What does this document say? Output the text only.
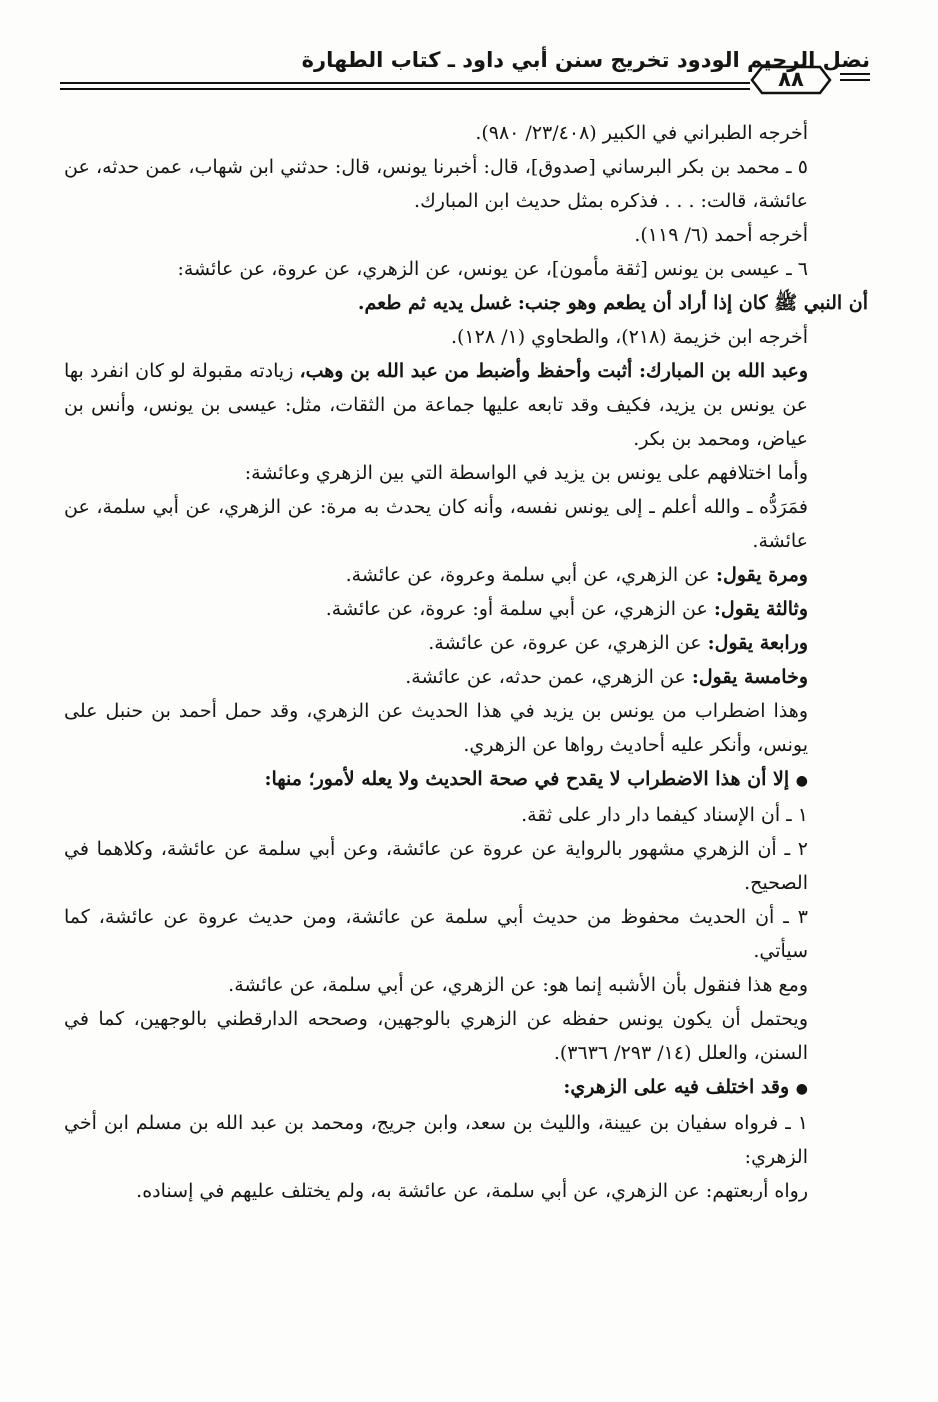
نضل الرحيم الودود تخريج سنن أبي داود ـ كتاب الطهارة
٨٨

أخرجه الطبراني في الكبير (٢٣/٤٠٨/ ٩٨٠).

٥ ـ محمد بن بكر البرساني [صدوق]، قال: أخبرنا يونس، قال: حدثني ابن شهاب، عمن حدثه، عن عائشة، قالت: . . . فذكره بمثل حديث ابن المبارك.

أخرجه أحمد (٦/ ١١٩).

٦ ـ عيسى بن يونس [ثقة مأمون]، عن يونس، عن الزهري، عن عروة، عن عائشة:

أن النبي ﷺ كان إذا أراد أن يطعم وهو جنب: غسل يديه ثم طعم.

أخرجه ابن خزيمة (٢١٨)، والطحاوي (١/ ١٢٨).

وعبد الله بن المبارك: أثبت وأحفظ وأضبط من عبد الله بن وهب، زيادته مقبولة لو كان انفرد بها عن يونس بن يزيد، فكيف وقد تابعه عليها جماعة من الثقات، مثل: عيسى بن يونس، وأنس بن عياض، ومحمد بن بكر.

وأما اختلافهم على يونس بن يزيد في الواسطة التي بين الزهري وعائشة:

فمَرَدُّه ـ والله أعلم ـ إلى يونس نفسه، وأنه كان يحدث به مرة: عن الزهري، عن أبي سلمة، عن عائشة.

ومرة يقول: عن الزهري، عن أبي سلمة وعروة، عن عائشة.

وثالثة يقول: عن الزهري، عن أبي سلمة أو: عروة، عن عائشة.

ورابعة يقول: عن الزهري، عن عروة، عن عائشة.

وخامسة يقول: عن الزهري، عمن حدثه، عن عائشة.

وهذا اضطراب من يونس بن يزيد في هذا الحديث عن الزهري، وقد حمل أحمد بن حنبل على يونس، وأنكر عليه أحاديث رواها عن الزهري.

● إلا أن هذا الاضطراب لا يقدح في صحة الحديث ولا يعله لأمور؛ منها:

١ ـ أن الإسناد كيفما دار دار على ثقة.

٢ ـ أن الزهري مشهور بالرواية عن عروة عن عائشة، وعن أبي سلمة عن عائشة، وكلاهما في الصحيح.

٣ ـ أن الحديث محفوظ من حديث أبي سلمة عن عائشة، ومن حديث عروة عن عائشة، كما سيأتي.

ومع هذا فنقول بأن الأشبه إنما هو: عن الزهري، عن أبي سلمة، عن عائشة.

ويحتمل أن يكون يونس حفظه عن الزهري بالوجهين، وصححه الدارقطني بالوجهين، كما في السنن، والعلل (١٤/ ٢٩٣/ ٣٦٣٦).

● وقد اختلف فيه على الزهري:

١ ـ فرواه سفيان بن عيينة، والليث بن سعد، وابن جريج، ومحمد بن عبد الله بن مسلم ابن أخي الزهري:

رواه أربعتهم: عن الزهري، عن أبي سلمة، عن عائشة به، ولم يختلف عليهم في إسناده.
